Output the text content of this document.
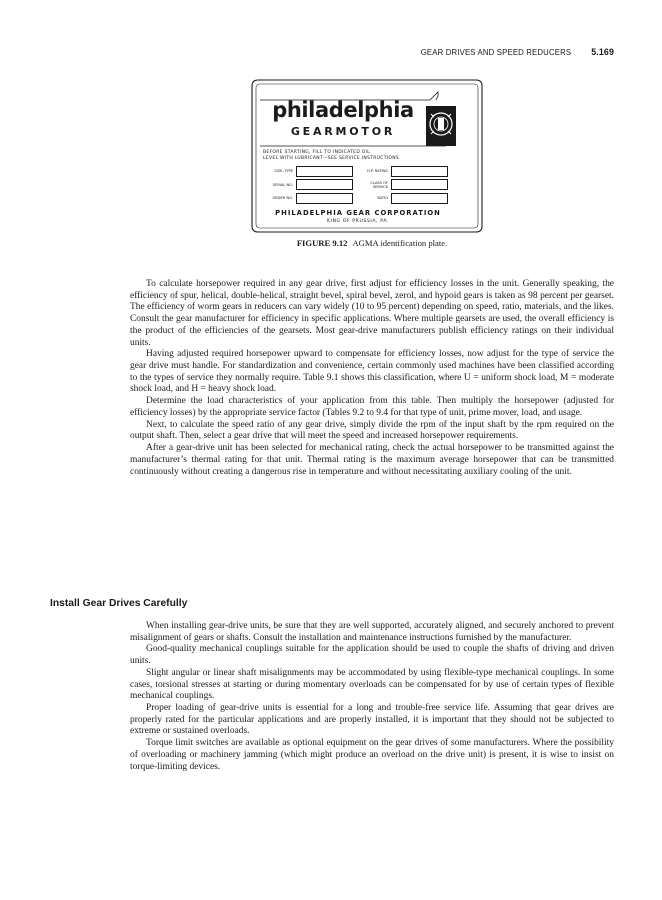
GEAR DRIVES AND SPEED REDUCERS 5.169
philadelphia
GEARMOTOR
BEFORE STARTING, FILL TO INDICATED OIL
LEVEL WITH LUBRICANT—SEE SERVICE INSTRUCTIONS
SIZE–TYPE	H.P. RATING
SERIAL NO.	CLASS OF SERVICE
ORDER NO.	RATIO
PHILADELPHIA GEAR CORPORATION
KING OF PRUSSIA, PA.
FIGURE 9.12 AGMA identification plate.

To calculate horsepower required in any gear drive, first adjust for efficiency losses in the unit. Generally speaking, the efficiency of spur, helical, double-helical, straight bevel, spiral bevel, zerol, and hypoid gears is taken as 98 percent per gearset. The efficiency of worm gears in reducers can vary widely (10 to 95 percent) depending on speed, ratio, materials, and the likes. Consult the gear manufacturer for efficiency in specific applications. Where multiple gearsets are used, the overall efficiency is the product of the efficiencies of the gearsets. Most gear-drive manufacturers publish efficiency ratings on their individual units.

Having adjusted required horsepower upward to compensate for efficiency losses, now adjust for the type of service the gear drive must handle. For standardization and convenience, certain commonly used machines have been classified according to the types of service they normally require. Table 9.1 shows this classification, where U = uniform shock load, M = moderate shock load, and H = heavy shock load.

Determine the load characteristics of your application from this table. Then multiply the horsepower (adjusted for efficiency losses) by the appropriate service factor (Tables 9.2 to 9.4 for that type of unit, prime mover, load, and usage.

Next, to calculate the speed ratio of any gear drive, simply divide the rpm of the input shaft by the rpm required on the output shaft. Then, select a gear drive that will meet the speed and increased horsepower requirements.

After a gear-drive unit has been selected for mechanical rating, check the actual horsepower to be transmitted against the manufacturer’s thermal rating for that unit. Thermal rating is the maximum average horsepower that can be transmitted continuously without creating a dangerous rise in temperature and without necessitating auxiliary cooling of the unit.

Install Gear Drives Carefully

When installing gear-drive units, be sure that they are well supported, accurately aligned, and securely anchored to prevent misalignment of gears or shafts. Consult the installation and maintenance instructions furnished by the manufacturer.

Good-quality mechanical couplings suitable for the application should be used to couple the shafts of driving and driven units.

Slight angular or linear shaft misalignments may be accommodated by using flexible-type mechanical couplings. In some cases, torsional stresses at starting or during momentary overloads can be compensated for by use of certain types of flexible mechanical couplings.

Proper loading of gear-drive units is essential for a long and trouble-free service life. Assuming that gear drives are properly rated for the particular applications and are properly installed, it is important that they should not be subjected to extreme or sustained overloads.

Torque limit switches are available as optional equipment on the gear drives of some manufacturers. Where the possibility of overloading or machinery jamming (which might produce an overload on the drive unit) is present, it is wise to insist on torque-limiting devices.
